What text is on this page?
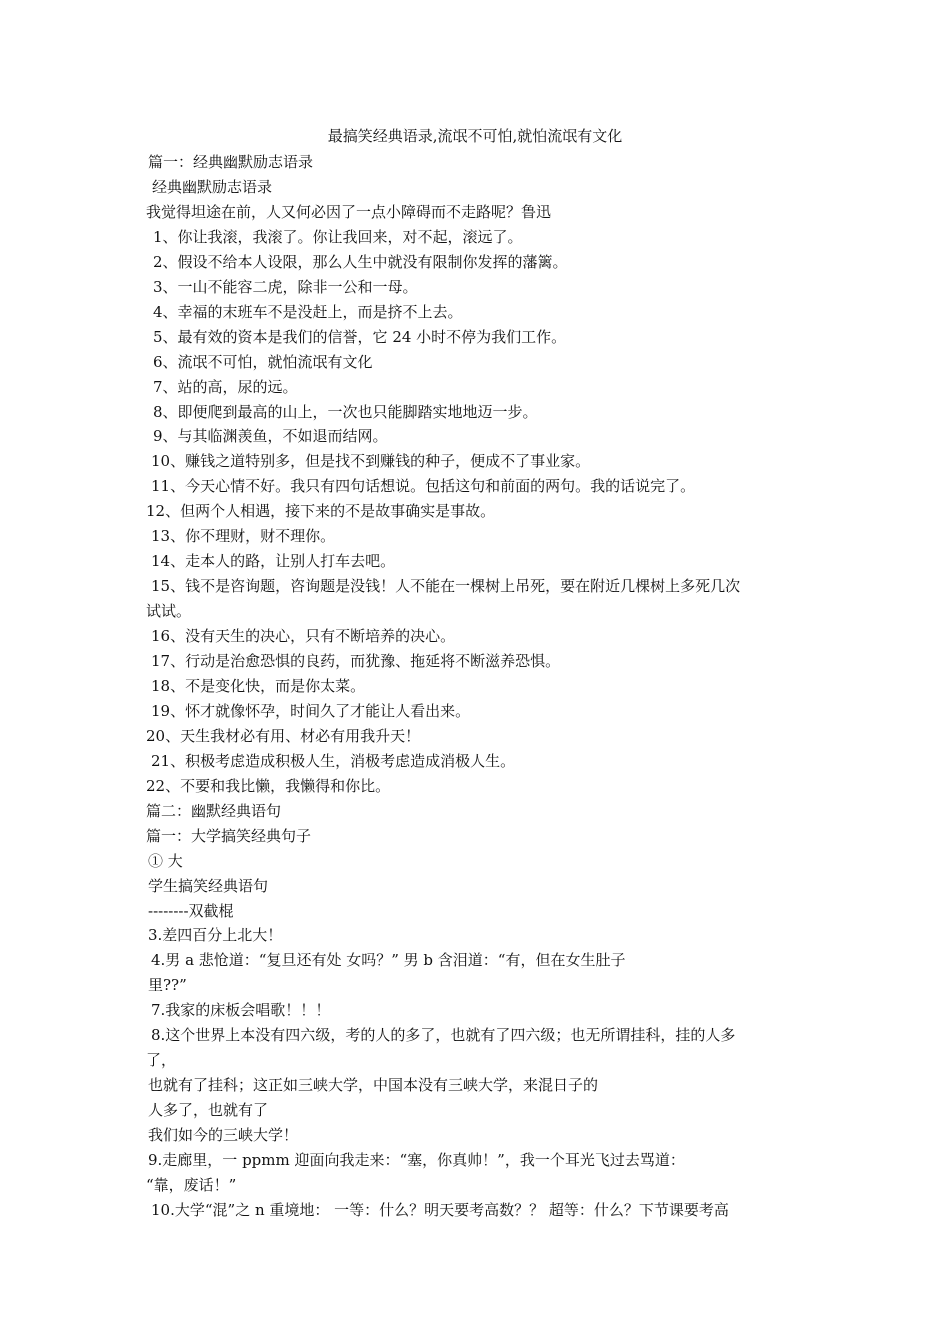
最搞笑经典语录,流氓不可怕,就怕流氓有文化
篇一：经典幽默励志语录
经典幽默励志语录
我觉得坦途在前，人又何必因了一点小障碍而不走路呢？鲁迅
1、你让我滚，我滚了。你让我回来，对不起，滚远了。
2、假设不给本人设限，那么人生中就没有限制你发挥的藩篱。
3、一山不能容二虎，除非一公和一母。
4、幸福的末班车不是没赶上，而是挤不上去。
5、最有效的资本是我们的信誉，它 24 小时不停为我们工作。
6、流氓不可怕，就怕流氓有文化
7、站的高，尿的远。
8、即便爬到最高的山上，一次也只能脚踏实地地迈一步。
9、与其临渊羡鱼，不如退而结网。
10、赚钱之道特别多，但是找不到赚钱的种子，便成不了事业家。
11、今天心情不好。我只有四句话想说。包括这句和前面的两句。我的话说完了。
12、但两个人相遇，接下来的不是故事确实是事故。
13、你不理财，财不理你。
14、走本人的路，让别人打车去吧。
15、钱不是咨询题，咨询题是没钱！人不能在一棵树上吊死，要在附近几棵树上多死几次
试试。
16、没有天生的决心，只有不断培养的决心。
17、行动是治愈恐惧的良药，而犹豫、拖延将不断滋养恐惧。
18、不是变化快，而是你太菜。
19、怀才就像怀孕，时间久了才能让人看出来。
20、天生我材必有用、材必有用我升天！
21、积极考虑造成积极人生，消极考虑造成消极人生。
22、不要和我比懒，我懒得和你比。
篇二：幽默经典语句
篇一：大学搞笑经典句子
① 大
学生搞笑经典语句
--------双截棍
3.差四百分上北大！
4.男 a 悲怆道：“复旦还有处 女吗？” 男 b 含泪道：“有，但在女生肚子
里??”
7.我家的床板会唱歌！！！
8.这个世界上本没有四六级，考的人的多了，也就有了四六级；也无所谓挂科，挂的人多
了，
也就有了挂科；这正如三峡大学，中国本没有三峡大学，来混日子的
人多了，也就有了
我们如今的三峡大学！
9.走廊里，一 ppmm 迎面向我走来：“塞，你真帅！”，我一个耳光飞过去骂道：
“靠，废话！”
10.大学“混”之 n 重境地： 一等：什么？明天要考高数？？ 超等：什么？下节课要考高
